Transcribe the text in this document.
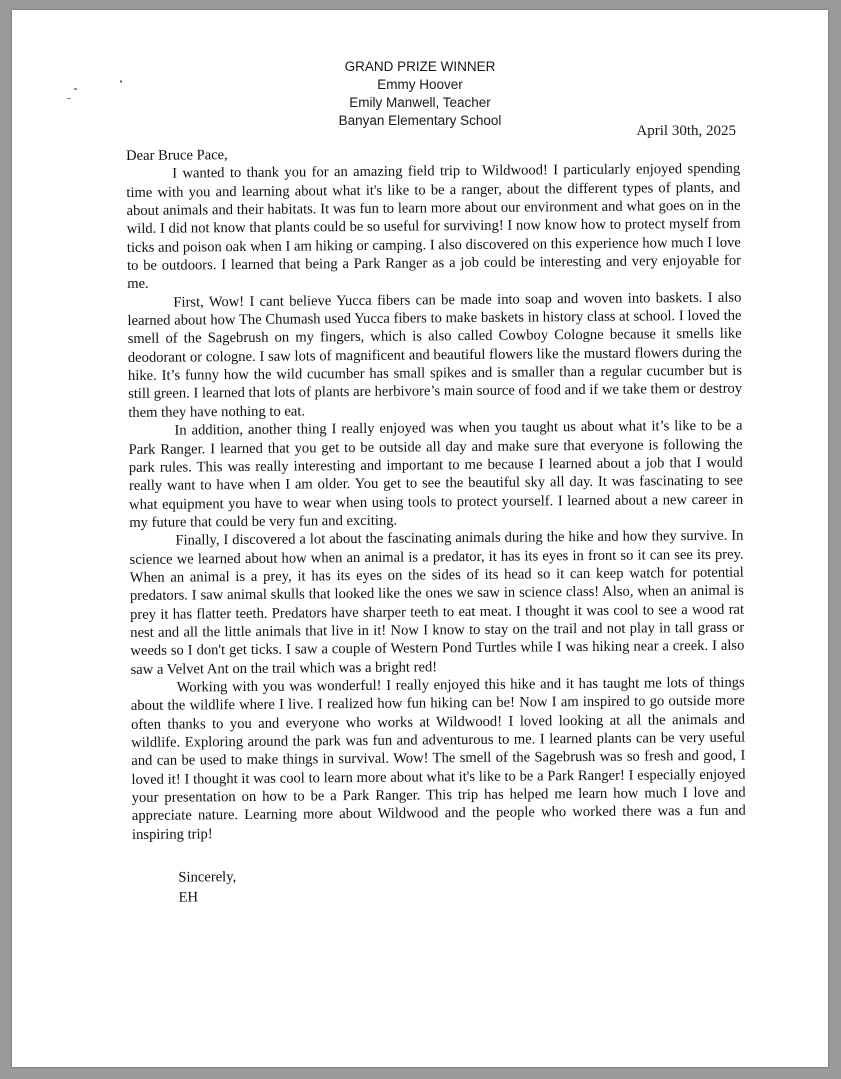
GRAND PRIZE WINNER
Emmy Hoover
Emily Manwell, Teacher
Banyan Elementary School
April 30th, 2025

Dear Bruce Pace,

I wanted to thank you for an amazing field trip to Wildwood! I particularly enjoyed spending time with you and learning about what it's like to be a ranger, about the different types of plants, and about animals and their habitats. It was fun to learn more about our environment and what goes on in the wild. I did not know that plants could be so useful for surviving! I now know how to protect myself from ticks and poison oak when I am hiking or camping. I also discovered on this experience how much I love to be outdoors. I learned that being a Park Ranger as a job could be interesting and very enjoyable for me.

First, Wow! I cant believe Yucca fibers can be made into soap and woven into baskets. I also learned about how The Chumash used Yucca fibers to make baskets in history class at school. I loved the smell of the Sagebrush on my fingers, which is also called Cowboy Cologne because it smells like deodorant or cologne. I saw lots of magnificent and beautiful flowers like the mustard flowers during the hike. It’s funny how the wild cucumber has small spikes and is smaller than a regular cucumber but is still green. I learned that lots of plants are herbivore’s main source of food and if we take them or destroy them they have nothing to eat.

In addition, another thing I really enjoyed was when you taught us about what it’s like to be a Park Ranger. I learned that you get to be outside all day and make sure that everyone is following the park rules. This was really interesting and important to me because I learned about a job that I would really want to have when I am older. You get to see the beautiful sky all day. It was fascinating to see what equipment you have to wear when using tools to protect yourself. I learned about a new career in my future that could be very fun and exciting.

Finally, I discovered a lot about the fascinating animals during the hike and how they survive. In science we learned about how when an animal is a predator, it has its eyes in front so it can see its prey. When an animal is a prey, it has its eyes on the sides of its head so it can keep watch for potential predators. I saw animal skulls that looked like the ones we saw in science class! Also, when an animal is prey it has flatter teeth. Predators have sharper teeth to eat meat. I thought it was cool to see a wood rat nest and all the little animals that live in it! Now I know to stay on the trail and not play in tall grass or weeds so I don't get ticks. I saw a couple of Western Pond Turtles while I was hiking near a creek. I also saw a Velvet Ant on the trail which was a bright red!

Working with you was wonderful! I really enjoyed this hike and it has taught me lots of things about the wildlife where I live. I realized how fun hiking can be! Now I am inspired to go outside more often thanks to you and everyone who works at Wildwood! I loved looking at all the animals and wildlife. Exploring around the park was fun and adventurous to me. I learned plants can be very useful and can be used to make things in survival. Wow! The smell of the Sagebrush was so fresh and good, I loved it! I thought it was cool to learn more about what it's like to be a Park Ranger! I especially enjoyed your presentation on how to be a Park Ranger. This trip has helped me learn how much I love and appreciate nature. Learning more about Wildwood and the people who worked there was a fun and inspiring trip!

Sincerely,
EH
